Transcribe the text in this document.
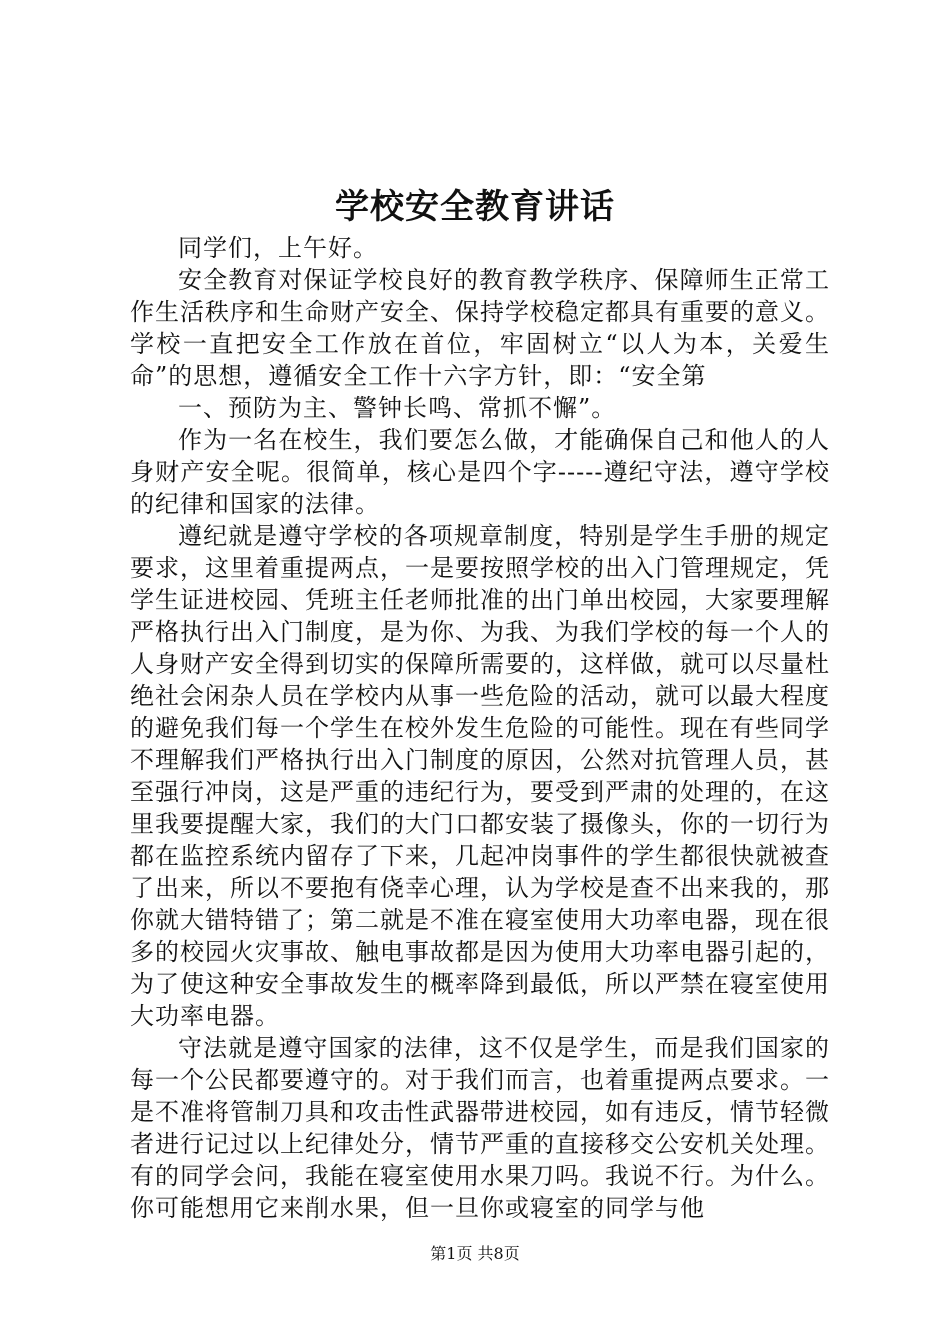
学校安全教育讲话

同学们，上午好。

安全教育对保证学校良好的教育教学秩序、保障师生正常工作生活秩序和生命财产安全、保持学校稳定都具有重要的意义。学校一直把安全工作放在首位，牢固树立“以人为本，关爱生命”的思想，遵循安全工作十六字方针，即：“安全第

一、预防为主、警钟长鸣、常抓不懈”。

作为一名在校生，我们要怎么做，才能确保自己和他人的人身财产安全呢。很简单，核心是四个字-----遵纪守法，遵守学校的纪律和国家的法律。

遵纪就是遵守学校的各项规章制度，特别是学生手册的规定要求，这里着重提两点，一是要按照学校的出入门管理规定，凭学生证进校园、凭班主任老师批准的出门单出校园，大家要理解严格执行出入门制度，是为你、为我、为我们学校的每一个人的人身财产安全得到切实的保障所需要的，这样做，就可以尽量杜绝社会闲杂人员在学校内从事一些危险的活动，就可以最大程度的避免我们每一个学生在校外发生危险的可能性。现在有些同学不理解我们严格执行出入门制度的原因，公然对抗管理人员，甚至强行冲岗，这是严重的违纪行为，要受到严肃的处理的，在这里我要提醒大家，我们的大门口都安装了摄像头，你的一切行为都在监控系统内留存了下来，几起冲岗事件的学生都很快就被查了出来，所以不要抱有侥幸心理，认为学校是查不出来我的，那你就大错特错了；第二就是不准在寝室使用大功率电器，现在很多的校园火灾事故、触电事故都是因为使用大功率电器引起的，为了使这种安全事故发生的概率降到最低，所以严禁在寝室使用大功率电器。

守法就是遵守国家的法律，这不仅是学生，而是我们国家的每一个公民都要遵守的。对于我们而言，也着重提两点要求。一是不准将管制刀具和攻击性武器带进校园，如有违反，情节轻微者进行记过以上纪律处分，情节严重的直接移交公安机关处理。有的同学会问，我能在寝室使用水果刀吗。我说不行。为什么。你可能想用它来削水果，但一旦你或寝室的同学与他

第1页 共8页
